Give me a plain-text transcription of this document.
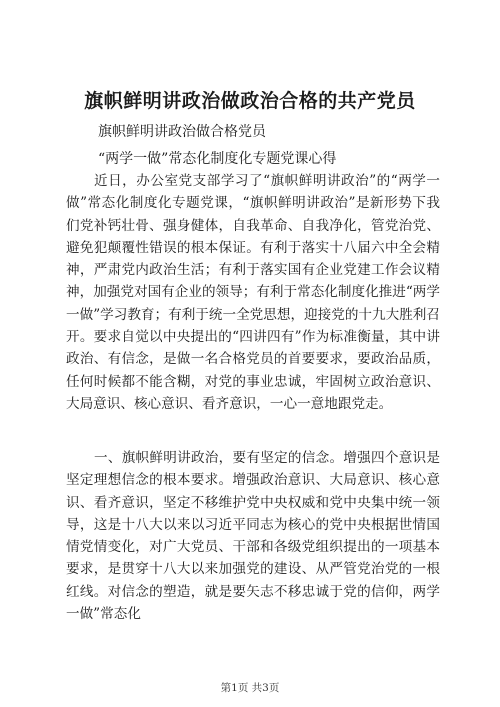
旗帜鲜明讲政治做政治合格的共产党员
旗帜鲜明讲政治做合格党员
“两学一做”常态化制度化专题党课心得

近日，办公室党支部学习了“旗帜鲜明讲政治”的“两学一做”常态化制度化专题党课，“旗帜鲜明讲政治”是新形势下我们党补钙壮骨、强身健体，自我革命、自我净化，管党治党、避免犯颠覆性错误的根本保证。有利于落实十八届六中全会精神，严肃党内政治生活；有利于落实国有企业党建工作会议精神，加强党对国有企业的领导；有利于常态化制度化推进“两学一做”学习教育；有利于统一全党思想，迎接党的十九大胜利召开。要求自觉以中央提出的“四讲四有”作为标准衡量，其中讲政治、有信念，是做一名合格党员的首要要求，要政治品质，任何时候都不能含糊，对党的事业忠诚，牢固树立政治意识、大局意识、核心意识、看齐意识，一心一意地跟党走。

一、旗帜鲜明讲政治，要有坚定的信念。增强四个意识是坚定理想信念的根本要求。增强政治意识、大局意识、核心意识、看齐意识，坚定不移维护党中央权威和党中央集中统一领导，这是十八大以来以习近平同志为核心的党中央根据世情国情党情变化，对广大党员、干部和各级党组织提出的一项基本要求，是贯穿十八大以来加强党的建设、从严管党治党的一根红线。对信念的塑造，就是要矢志不移忠诚于党的信仰，两学一做”常态化

第1页 共3页
